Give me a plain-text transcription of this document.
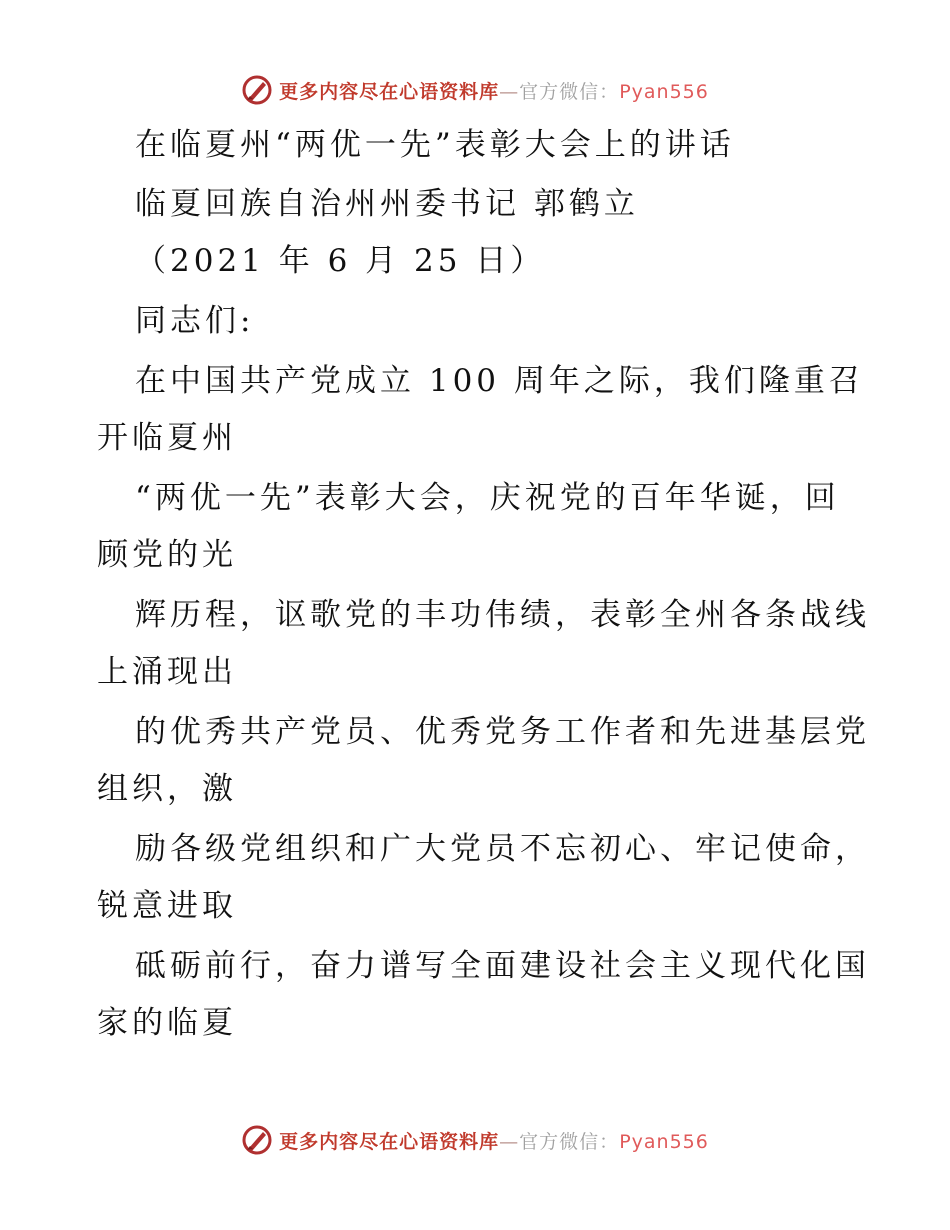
更多内容尽在心语资料库—官方微信：Pyan556
在临夏州“两优一先”表彰大会上的讲话
临夏回族自治州州委书记 郭鹤立
（2021 年 6 月 25 日）
同志们:
在中国共产党成立 100 周年之际，我们隆重召
开临夏州
“两优一先”表彰大会，庆祝党的百年华诞，回
顾党的光
辉历程，讴歌党的丰功伟绩，表彰全州各条战线
上涌现出
的优秀共产党员、优秀党务工作者和先进基层党
组织，激
励各级党组织和广大党员不忘初心、牢记使命，
锐意进取
砥砺前行，奋力谱写全面建设社会主义现代化国
家的临夏
更多内容尽在心语资料库—官方微信：Pyan556
